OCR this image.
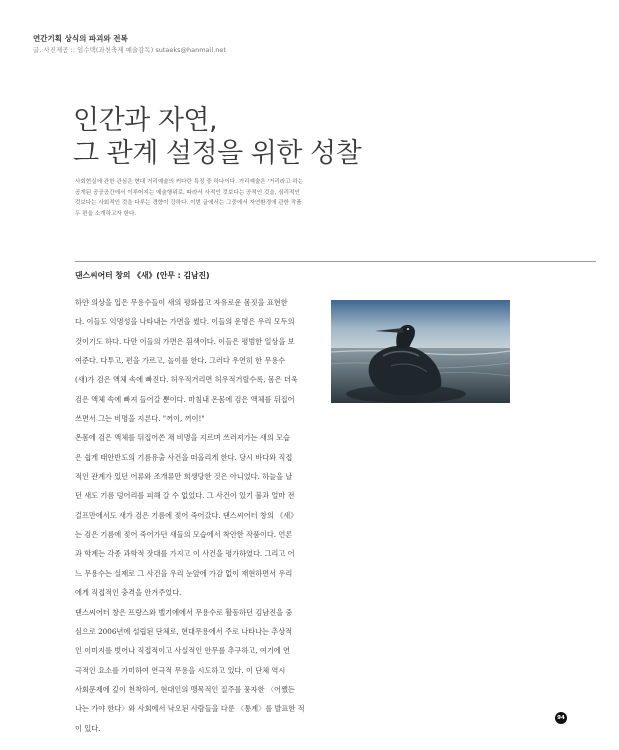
연간기획 상식의 파괴와 전복
글, 사진제공 :: 임수택(과천축제 예술감독) sutaeks@hanmail.net
인간과 자연,
그 관계 설정을 위한 성찰
사회현실에 관한 관심은 현대 거리예술의 커다란 특징 중 하나이다. 거리예술은 '거리라고 하는
공개된 공공공간에서 이루어지는 예술행위로, 따라서 사적인 것보다는 공적인 것을, 심리적인
것보다는 사회적인 것을 다루는 경향이 강하다. 이번 글에서는 그중에서 자연환경에 관한 작품
두 편을 소개하고자 한다.
댄스씨어터 창의 《새》(안무 : 김남진)
하얀 의상을 입은 무용수들이 새의 평화롭고 자유로운 몸짓을 표현한
다. 이들도 익명성을 나타내는 가면을 썼다. 이들의 운명은 우리 모두의
것이기도 하다. 다만 이들의 가면은 흰색이다. 이들은 평범한 일상을 보
여준다. 다투고, 편을 가르고, 놀이를 한다. 그러다 우연히 한 무용수
(새)가 검은 액체 속에 빠진다. 허우적거리면 허우적거릴수록, 몸은 더욱
검은 액체 속에 빠져 들어갈 뿐이다. 마침내 온몸에 검은 액체를 뒤집어
쓰면서 그는 비명을 지른다. "꺼이, 꺼이!"
온몸에 검은 액체를 뒤집어쓴 채 비명을 지르며 쓰러져가는 새의 모습
은 쉽게 태안반도의 기름유출 사건을 떠올리게 한다. 당시 바다와 직접
적인 관계가 있던 어류와 조개류만 희생당한 것은 아니었다. 하늘을 날
던 새도 기름 덩어리를 피해 갈 수 없었다. 그 사건이 있기 불과 얼마 전
걸프만에서도 새가 검은 기름에 젖어 죽어갔다. 댄스씨어터 창의 《새》
는 검은 기름에 젖어 죽어가던 새들의 모습에서 착안한 작품이다. 언론
과 학계는 각종 과학적 잣대를 가지고 이 사건을 평가하였다. 그리고 어
느 무용수는 실제로 그 사건을 우리 눈앞에 가감 없이 재현하면서 우리
에게 직접적인 충격을 안겨주었다.
댄스씨어터 창은 프랑스와 벨기에에서 무용수로 활동하던 김남진을 중
심으로 2006년에 설립된 단체로, 현대무용에서 주로 나타나는 추상적
인 이미지를 벗어나 직접적이고 사실적인 안무를 추구하고, 여기에 연
극적인 요소를 가미하여 연극적 무용을 시도하고 있다. 이 단체 역시
사회문제에 깊이 천착하여, 현대인의 맹목적인 질주를 풍자한 〈어쨌든
나는 가야 한다〉와 사회에서 낙오된 사람들을 다룬 〈통계〉를 발표한 적
이 있다.
94
